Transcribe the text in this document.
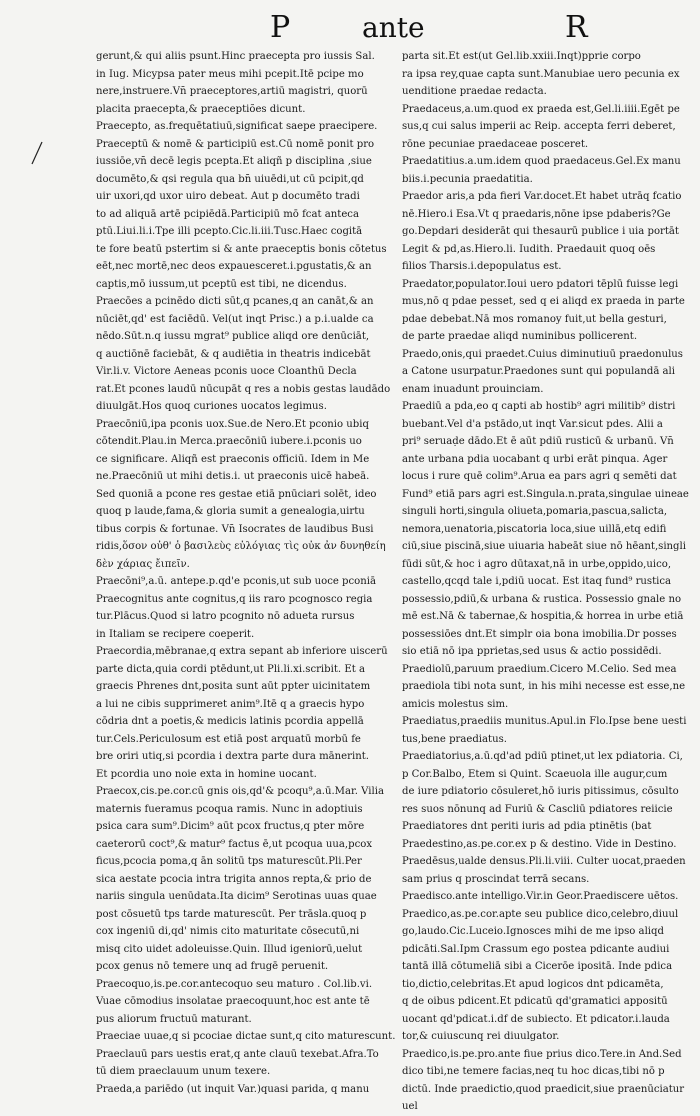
P	ante	R
gerunt,& qui aliis psunt.Hinc praecepta pro iussis Sal.
in Iug. Micypsa pater meus mihi pcepit.Itē pcipe mo
nere,instruere.Vn̄ praeceptores,artiū magistri, quorū
placita praecepta,& praeceptiões dicunt.
Praecepto, as.frequētatiuū,significat saepe praecipere.
Praeceptū & nomē & participiū est.Cū nomē ponit pro
iussiōe,vn̄ decē legis pcepta.Et aliqñ p disciplina ,siue
documēto,& qsi regula qua bn̄ uiuēdi,ut cū pcipit,qd
uir uxori,qd uxor uiro debeat. Aut p documēto tradi
to ad aliquā artē pcipiēdā.Participiū mō fcat anteca
ptū.Liui.li.i.Tpe illi pcepto.Cic.li.iii.Tusc.Haec cogitā
te fore beatū pstertim si & ante praeceptis bonis cōtetus
eēt,nec mortē,nec deos expauesceret.i.pgustatis,& an
captis,mō iussum,ut pceptū est tibi, ne dicendus.
Praecōes a pcinēdo dicti sūt,q pcanes,q an canāt,& an
nūciēt,qd' est faciēdū. Vel(ut inqt Prisc.) a p.i.ualde ca
nēdo.Sūt.n.q iussu mgrat⁹ publice aliqd ore denūciāt,
q auctiōnē faciebāt, & q audiētia in theatris indicebāt
Vir.li.v. Victore Aeneas pconis uoce Cloanthū Decla
rat.Et pcones laudū nūcupāt q res a nobis gestas laudādo
diuulgāt.Hos quoq curiones uocatos legimus.
Praecōniū,ipa pconis uox.Sue.de Nero.Et pconio ubiq
cōtendit.Plau.in Merca.praecōniū iubere.i.pconis uo
ce significare. Aliqñ est praeconis officiū. Idem in Me
ne.Praecōniū ut mihi detis.i. ut praeconis uicē habeā.
Sed quoniā a pcone res gestae etiā pnūciari solēt, ideo
quoq p laude,fama,& gloria sumit a genealogia,uirtu
tibus corpis & fortunae. Vn̄ Isocrates de laudibus Busi
ridis,ὅσον οὐθ' ὁ βασιλεὺς εὐλόγιας τὶς οὐκ ἀν δυνηθείη
δὲν χάριας ἔιπεῖν.
Praecōni⁹,a.ū. antepe.p.qd'e pconis,ut sub uoce pconiā
Praecognitus ante cognitus,q iis raro pcognosco regia
tur.Plācus.Quod si latro pcognito nō adueta rursus
in Italiam se recipere coeperit.
Praecordia,mēbranae,q extra sepant ab inferiore uiscerū
parte dicta,quia cordi ptēdunt,ut Pli.li.xi.scribit. Et a
graecis Phrenes dnt,posita sunt aūt ppter uicinitatem
a lui ne cibis supprimeret anim⁹.Itē q a graecis hypo
cōdria dnt a poetis,& medicis latinis pcordia appellā
tur.Cels.Periculosum est etiā post arquatū morbū fe
bre oriri utiq,si pcordia i dextra parte dura mānerint.
Et pcordia uno noie exta in homine uocant.
Praecox,cis.pe.cor.cū gnis ois,qd'& pcoqu⁹,a.ū.Mar. Vilia
maternis fueramus pcoqua ramis. Nunc in adoptiuis
psica cara sum⁹.Dicim⁹ aūt pcox fructus,q pter mōre
caeterorū coct⁹,& matur⁹ factus ē,ut pcoqua uua,pcox
ficus,pcocia poma,q ān solitū tps maturescūt.Pli.Per
sica aestate pcocia intra trigita annos repta,& prio de
nariis singula uenūdata.Ita dicim⁹ Serotinas uuas quae
post cōsuetū tps tarde maturescūt. Per trāsla.quoq p
cox ingeniū di,qd' nimis cito maturitate cōsecutū,ni
misq cito uidet adoleuisse.Quin. Illud igeniorū,uelut
pcox genus nō temere unq ad frugē peruenit.
Praecoquo,is.pe.cor.antecoquo seu maturo . Col.lib.vi.
Vuae cōmodius insolatae praecoquunt,hoc est ante tē
pus aliorum fructuū maturant.
Praeciae uuae,q si pcociae dictae sunt,q cito maturescunt.
Praeclauū pars uestis erat,q ante clauū texebat.Afra.To
tū diem praeclauum unum texere.
Praeda,a pariēdo (ut inquit Var.)quasi parida, q manu
parta sit.Et est(ut Gel.lib.xxiii.Inqt)pprie corpo
ra ipsa rey,quae capta sunt.Manubiae uero pecunia ex
uenditione praedae redacta.
Praedaceus,a.um.quod ex praeda est,Gel.li.iiii.Egēt pe
sus,q cui salus imperii ac Reip. accepta ferri deberet,
rōne pecuniae praedaceae posceret.
Praedatitius.a.um.idem quod praedaceus.Gel.Ex manu
biis.i.pecunia praedatitia.
Praedor aris,a pda fieri Var.docet.Et habet utrāq fcatio
nē.Hiero.i Esa.Vt q praedaris,nōne ipse pdaberis?Ge
go.Depdari desiderāt qui thesaurū publice i uia portāt
Legit & pd,as.Hiero.li. Iudith. Praedauit quoq oēs
filios Tharsis.i.depopulatus est.
Praedator,populator.Ioui uero pdatori tēplū fuisse legi
mus,nō q pdae pesset, sed q ei aliqd ex praeda in parte
pdae debebat.Nā mos romanoy fuit,ut bella gesturi,
de parte praedae aliqd numinibus pollicerent.
Praedo,onis,qui praedet.Cuius diminutiuū praedonulus
a Catone usurpatur.Praedones sunt qui populandā ali
enam inuadunt prouinciam.
Praediū a pda,eo q capti ab hostib⁹ agri militib⁹ distri
buebant.Vel d'a pstādo,ut inqt Var.sicut pdes. Alii a
pri⁹ seruaḍe dādo.Et ē aūt pdiū rusticū & urbanū. Vn̄
ante urbana pdia uocabant q urbi erāt pinqua. Ager
locus i rure quē colim⁹.Arua ea pars agri q semēti dat
Fund⁹ etiā pars agri est.Singula.n.prata,singulae uineae
singuli horti,singula oliueta,pomaria,pascua,salicta,
nemora,uenatoria,piscatoria loca,siue uillā,etq edifi
ciū,siue piscinā,siue uiuaria habeāt siue nō hēant,singli
fūdi sūt,& hoc i agro dūtaxat,nā in urbe,oppido,uico,
castello,qcqd tale i,pdiū uocat. Est itaq fund⁹ rustica
possessio,pdiū,& urbana & rustica. Possessio gnale no
mē est.Nā & tabernae,& hospitia,& horrea in urbe etiā
possessiōes dnt.Et simplr oia bona imobilia.Dr posses
sio etiā nō ipa pprietas,sed usus & actio possidēdi.
Praediolū,paruum praedium.Cicero M.Celio. Sed mea
praediola tibi nota sunt, in his mihi necesse est esse,ne
amicis molestus sim.
Praediatus,praediis munitus.Apul.in Flo.Ipse bene uesti
tus,bene praediatus.
Praediatorius,a.ū.qd'ad pdiū ptinet,ut lex pdiatoria. Ci,
p Cor.Balbo, Etem si Quint. Scaeuola ille augur,cum
de iure pdiatorio cōsuleret,hō iuris pitissimus, cōsulto
res suos nōnunq ad Furiū & Cascliū pdiatores reiicie
Praediatores dnt periti iuris ad pdia ptinētis (bat
Praedestino,as.pe.cor.ex p & destino. Vide in Destino.
Praedēsus,ualde densus.Pli.li.viii. Culter uocat,praeden
sam prius q proscindat terrā secans.
Praedisco.ante intelligo.Vir.in Geor.Praediscere uētos.
Praedico,as.pe.cor.apte seu publice dico,celebro,diuul
go,laudo.Cic.Luceio.Ignosces mihi de me ipso aliqd
pdicāti.Sal.Ipm Crassum ego postea pdicante audiui
tantā illā cōtumeliā sibi a Cicerōe ipositā. Inde pdica
tio,dictio,celebritas.Et apud logicos dnt pdicamēta,
q de oibus pdicent.Et pdicatū qd'gramatici appositū
uocant qd'pdicat.i.df de subiecto. Et pdicator.i.lauda
tor,& cuiuscunq rei diuulgator.
Praedico,is.pe.pro.ante fiue prius dico.Tere.in And.Sed
dico tibi,ne temere facias,neq tu hoc dicas,tibi nō p
dictū. Inde praedictio,quod praedicit,siue praenūciatur
uel
